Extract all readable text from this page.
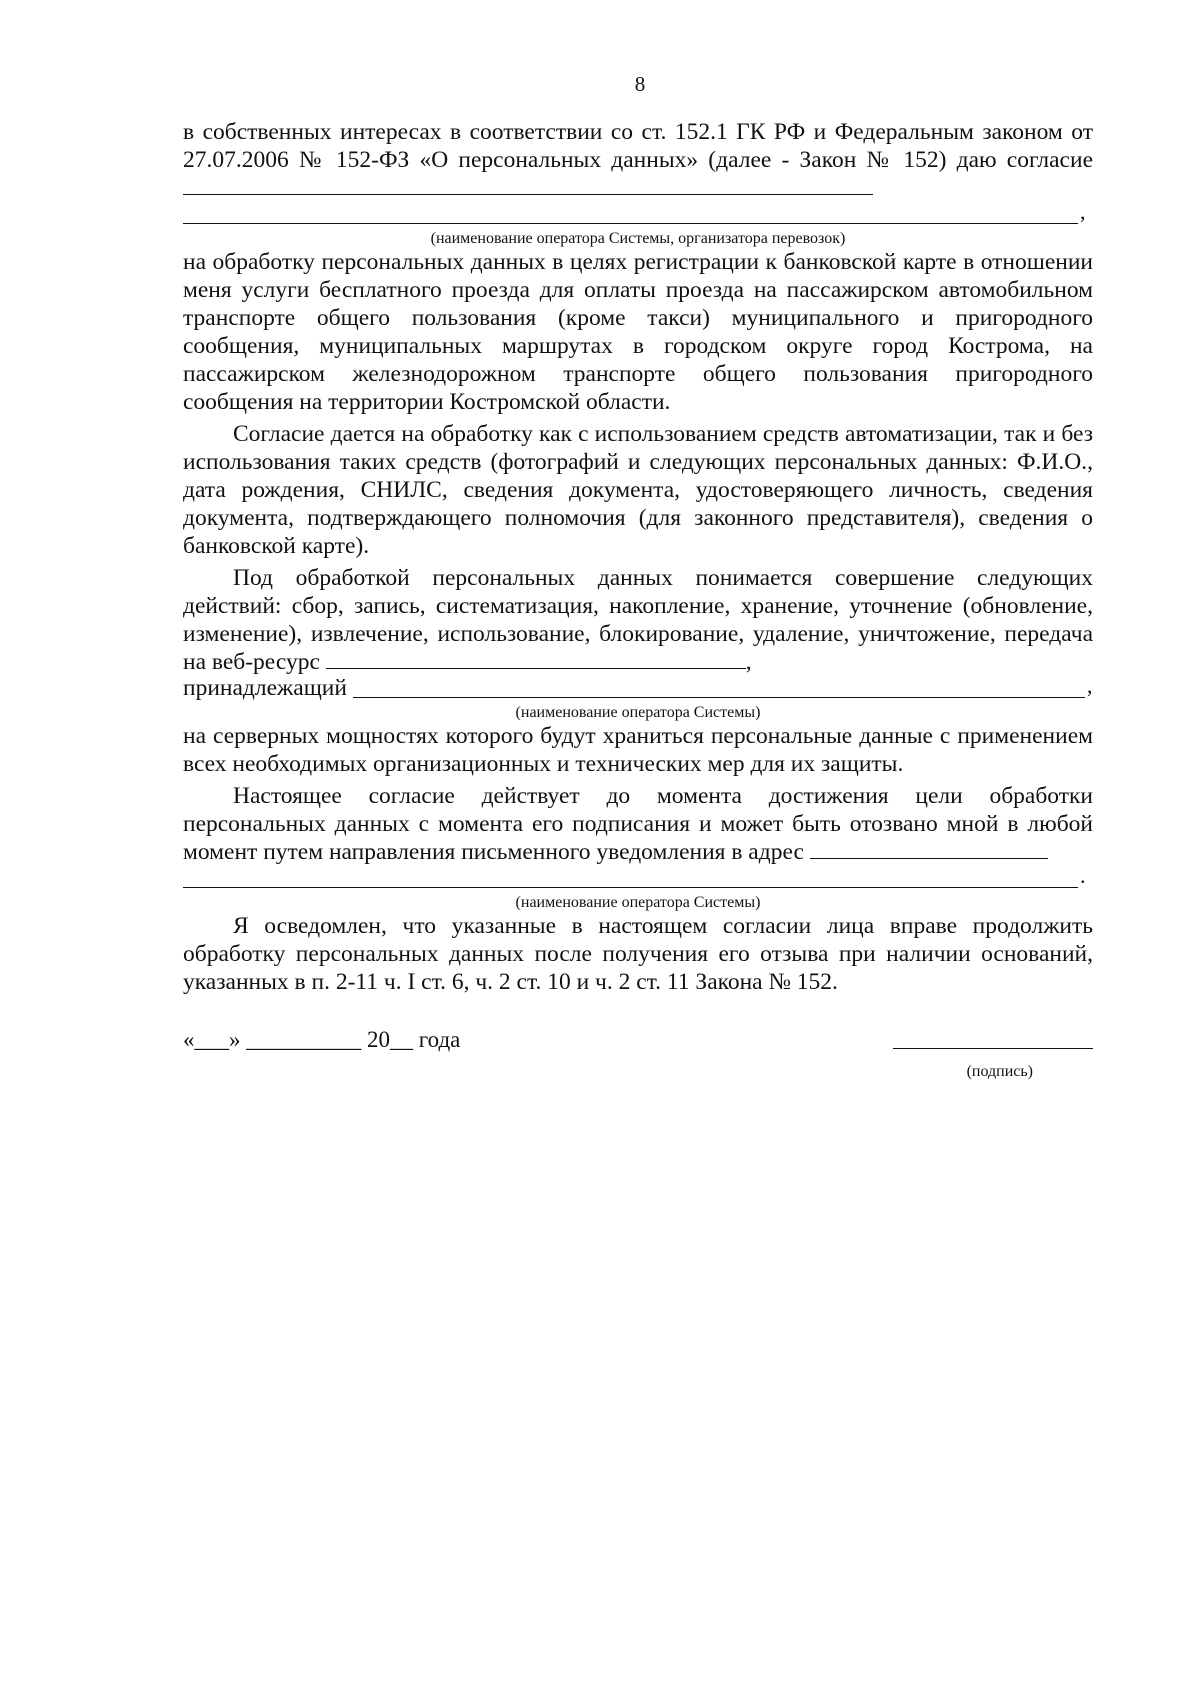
8

в собственных интересах в соответствии со ст. 152.1 ГК РФ и Федеральным законом от 27.07.2006 № 152-ФЗ «О персональных данных» (далее - Закон № 152) даю согласие

,

(наименование оператора Системы, организатора перевозок)

на обработку персональных данных в целях регистрации к банковской карте в отношении меня услуги бесплатного проезда для оплаты проезда на пассажирском автомобильном транспорте общего пользования (кроме такси) муниципального и пригородного сообщения, муниципальных маршрутах в городском округе город Кострома, на пассажирском железнодорожном транспорте общего пользования пригородного сообщения на территории Костромской области.

Согласие дается на обработку как с использованием средств автоматизации, так и без использования таких средств (фотографий и следующих персональных данных: Ф.И.О., дата рождения, СНИЛС, сведения документа, удостоверяющего личность, сведения документа, подтверждающего полномочия (для законного представителя), сведения о банковской карте).

Под обработкой персональных данных понимается совершение следующих действий: сбор, запись, систематизация, накопление, хранение, уточнение (обновление, изменение), извлечение, использование, блокирование, удаление, уничтожение, передача на веб-ресурс	,

принадлежащий	,

(наименование оператора Системы)

на серверных мощностях которого будут храниться персональные данные с применением всех необходимых организационных и технических мер для их защиты.

Настоящее согласие действует до момента достижения цели обработки персональных данных с момента его подписания и может быть отозвано мной в любой момент путем направления письменного уведомления в адрес

.

(наименование оператора Системы)

Я осведомлен, что указанные в настоящем согласии лица вправе продолжить обработку персональных данных после получения его отзыва при наличии оснований, указанных в п. 2-11 ч. I ст. 6, ч. 2 ст. 10 и ч. 2 ст. 11 Закона № 152.

«___» __________ 20__ года
(подпись)
